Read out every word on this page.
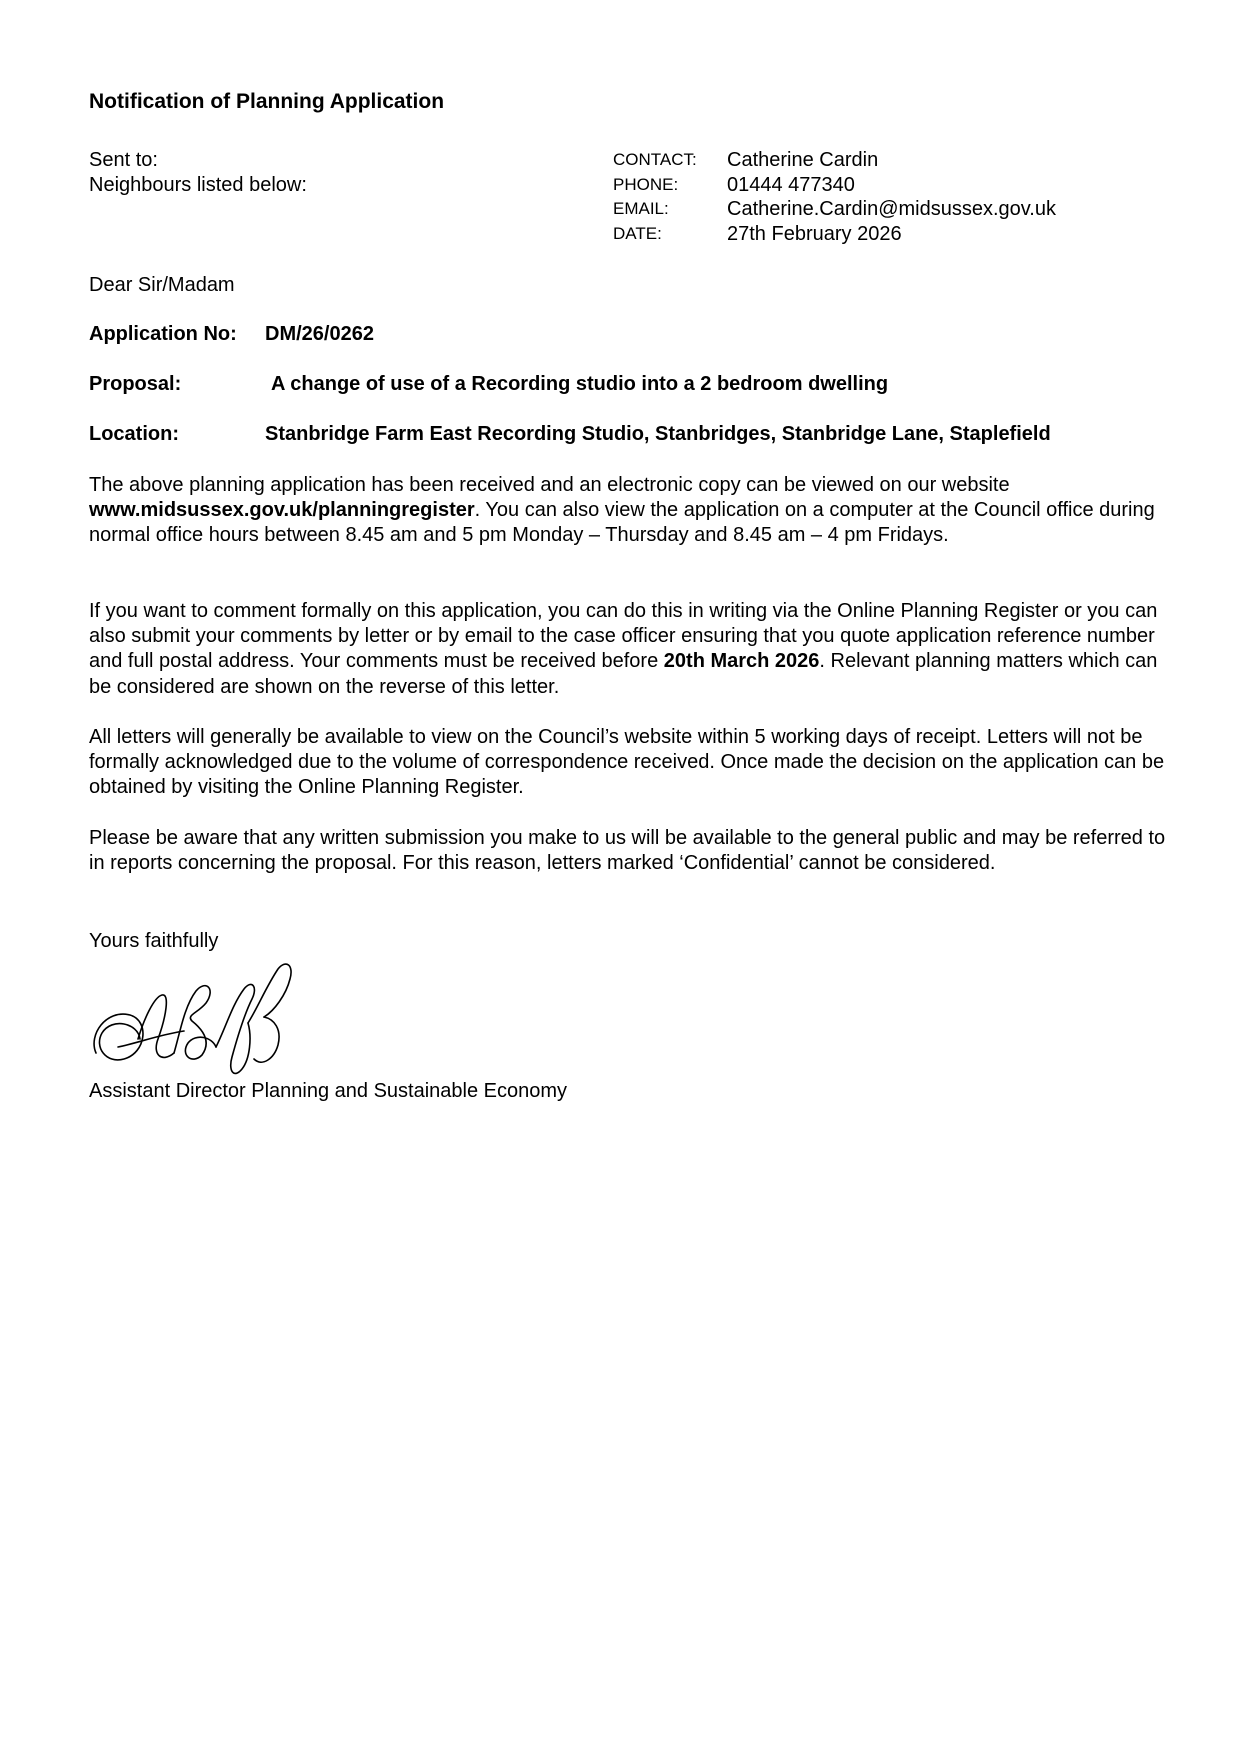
Notification of Planning Application
Sent to:
Neighbours listed below:
CONTACT:	Catherine Cardin
PHONE:	01444 477340
EMAIL:	Catherine.Cardin@midsussex.gov.uk
DATE:	27th February 2026
Dear Sir/Madam
Application No: DM/26/0262
Proposal:	A change of use of a Recording studio into a 2 bedroom dwelling
Location:	Stanbridge Farm East Recording Studio, Stanbridges, Stanbridge Lane, Staplefield

The above planning application has been received and an electronic copy can be viewed on our website www.midsussex.gov.uk/planningregister. You can also view the application on a computer at the Council office during normal office hours between 8.45 am and 5 pm Monday – Thursday and 8.45 am – 4 pm Fridays.

If you want to comment formally on this application, you can do this in writing via the Online Planning Register or you can also submit your comments by letter or by email to the case officer ensuring that you quote application reference number and full postal address. Your comments must be received before 20th March 2026. Relevant planning matters which can be considered are shown on the reverse of this letter.

All letters will generally be available to view on the Council’s website within 5 working days of receipt. Letters will not be formally acknowledged due to the volume of correspondence received. Once made the decision on the application can be obtained by visiting the Online Planning Register.

Please be aware that any written submission you make to us will be available to the general public and may be referred to in reports concerning the proposal. For this reason, letters marked ‘Confidential’ cannot be considered.

Yours faithfully
Assistant Director Planning and Sustainable Economy
